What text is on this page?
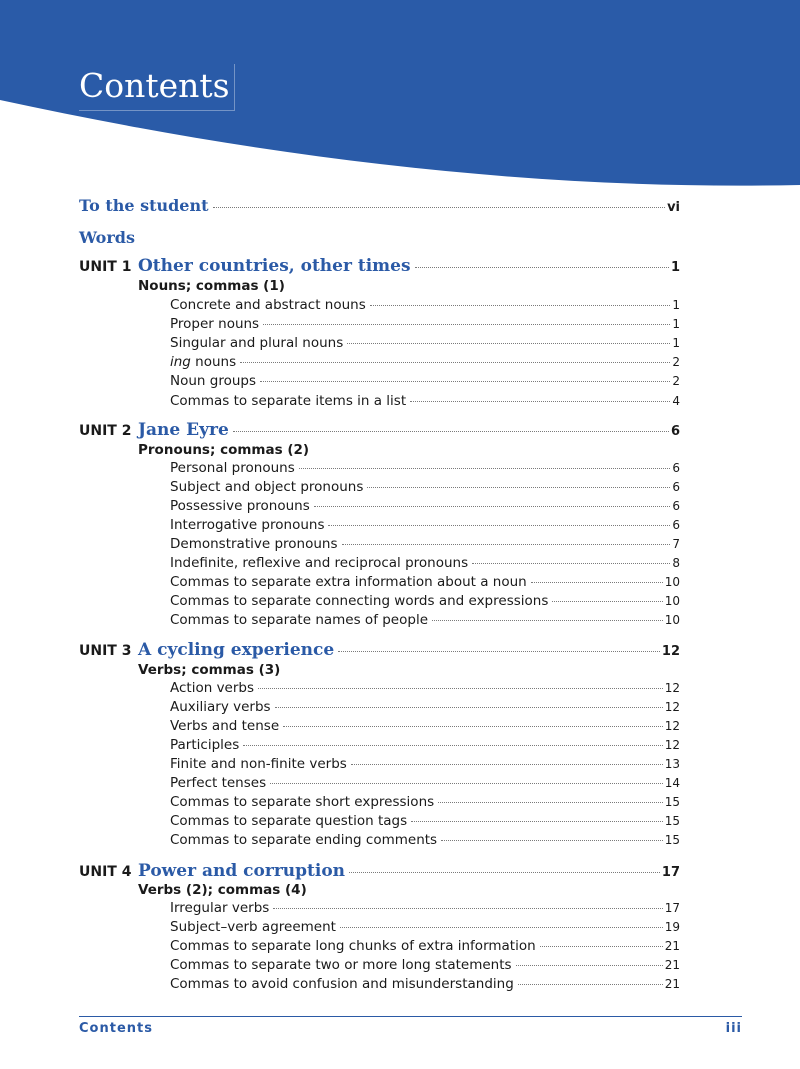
Contents
To the student	vi
Words
UNIT 1 Other countries, other times	1
Nouns; commas (1)
Concrete and abstract nouns	1
Proper nouns	1
Singular and plural nouns	1
ing nouns	2
Noun groups	2
Commas to separate items in a list	4
UNIT 2 Jane Eyre	6
Pronouns; commas (2)
Personal pronouns	6
Subject and object pronouns	6
Possessive pronouns	6
Interrogative pronouns	6
Demonstrative pronouns	7
Indefinite, reflexive and reciprocal pronouns	8
Commas to separate extra information about a noun	10
Commas to separate connecting words and expressions	10
Commas to separate names of people	10
UNIT 3 A cycling experience	12
Verbs; commas (3)
Action verbs	12
Auxiliary verbs	12
Verbs and tense	12
Participles	12
Finite and non-finite verbs	13
Perfect tenses	14
Commas to separate short expressions	15
Commas to separate question tags	15
Commas to separate ending comments	15
UNIT 4 Power and corruption	17
Verbs (2); commas (4)
Irregular verbs	17
Subject–verb agreement	19
Commas to separate long chunks of extra information	21
Commas to separate two or more long statements	21
Commas to avoid confusion and misunderstanding	21
Contents	iii
